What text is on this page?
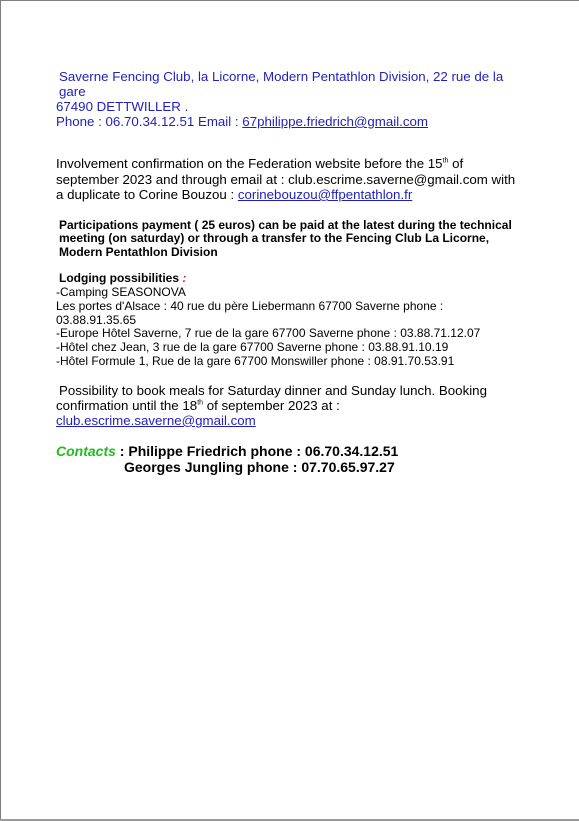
Saverne Fencing Club, la Licorne, Modern Pentathlon Division, 22 rue de la gare
67490 DETTWILLER .
Phone : 06.70.34.12.51 Email : 67philippe.friedrich@gmail.com
Involvement confirmation on the Federation website before the 15th of september 2023 and through email at : club.escrime.saverne@gmail.com with a duplicate to Corine Bouzou : corinebouzou@ffpentathlon.fr
Participations payment ( 25 euros) can be paid at the latest during the technical meeting (on saturday) or through a transfer to the Fencing Club La Licorne, Modern Pentathlon Division
Lodging possibilities :
-Camping SEASONOVA
Les portes d'Alsace : 40 rue du père Liebermann 67700 Saverne phone : 03.88.91.35.65
-Europe Hôtel Saverne, 7 rue de la gare 67700 Saverne phone : 03.88.71.12.07
-Hôtel chez Jean, 3 rue de la gare 67700 Saverne phone : 03.88.91.10.19
-Hôtel Formule 1, Rue de la gare 67700 Monswiller phone : 08.91.70.53.91
Possibility to book meals for Saturday dinner and Sunday lunch. Booking
confirmation until the 18th of september 2023 at : club.escrime.saverne@gmail.com
Contacts : Philippe Friedrich phone : 06.70.34.12.51
Georges Jungling phone : 07.70.65.97.27
